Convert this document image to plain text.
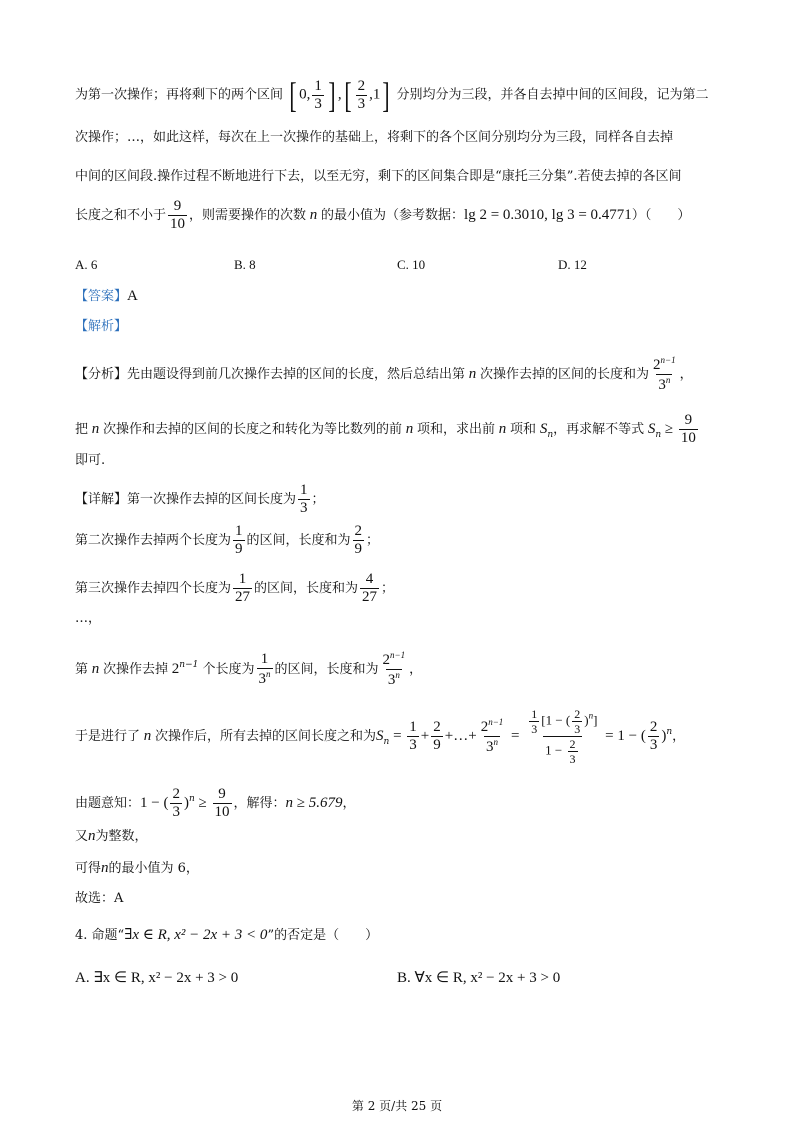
为第一次操作；再将剩下的两个区间 [ 0, $\frac{1}{3}$ ] ,[ $\frac{2}{3} ,1$] 分别均分为三段，并各自去掉中间的区间段，记为第二
次操作；…，如此这样，每次在上一次操作的基础上，将剩下的各个区间分别均分为三段，同样各自去掉
中间的区间段.操作过程不断地进行下去，以至无穷，剩下的区间集合即是“康托三分集”.若使去掉的各区间
长度之和不小于 $\frac{9}{10}$ ，则需要操作的次数 n 的最小值为（参考数据：lg 2 = 0.3010, lg 3 = 0.4771）（　　）
A. 6	B. 8	C. 10	D. 12
【答案】A
【解析】
【分析】先由题设得到前几次操作去掉的区间的长度，然后总结出第 n 次操作去掉的区间的长度和为 $\frac{2^{n-1}}{3^n}$ ，
把 n 次操作和去掉的区间的长度之和转化为等比数列的前 n 项和，求出前 n 项和 $S_n$，再求解不等式 $S_n \ge \frac{9}{10}$
即可.
【详解】第一次操作去掉的区间长度为 $\frac{1}{3}$ ；
第二次操作去掉两个长度为 $\frac{1}{9}$ 的区间，长度和为 $\frac{2}{9}$ ；
第三次操作去掉四个长度为 $\frac{1}{27}$ 的区间，长度和为 $\frac{4}{27}$ ；
…，
第 n 次操作去掉 $2^{n-1}$ 个长度为 $\frac{1}{3^n}$ 的区间，长度和为 $\frac{2^{n-1}}{3^n}$ ，
于是进行了 n 次操作后，所有去掉的区间长度之和为$S_n = \frac{1}{3} + \frac{2}{9}$ +…+ $\frac{2^{n-1}}{3^n} = \frac{\frac{1}{3} [1 - ( \frac{2}{3} )^n]}{1 - \frac{2}{3}} = 1$ − ( $\frac{2}{3} )^n$，
由题意知：1 − ( $\frac{2}{3} )^n \ge \frac{9}{10}$ ，解得：n ≥ 5.679，
又n为整数，
可得n的最小值为 6，
故选：A
4. 命题“∃x ∈ R, x² − 2x + 3 < 0”的否定是（　　）
A. ∃x ∈ R, x² − 2x + 3 > 0	B. ∀x ∈ R, x² − 2x + 3 > 0
第 2 页/共 25 页
